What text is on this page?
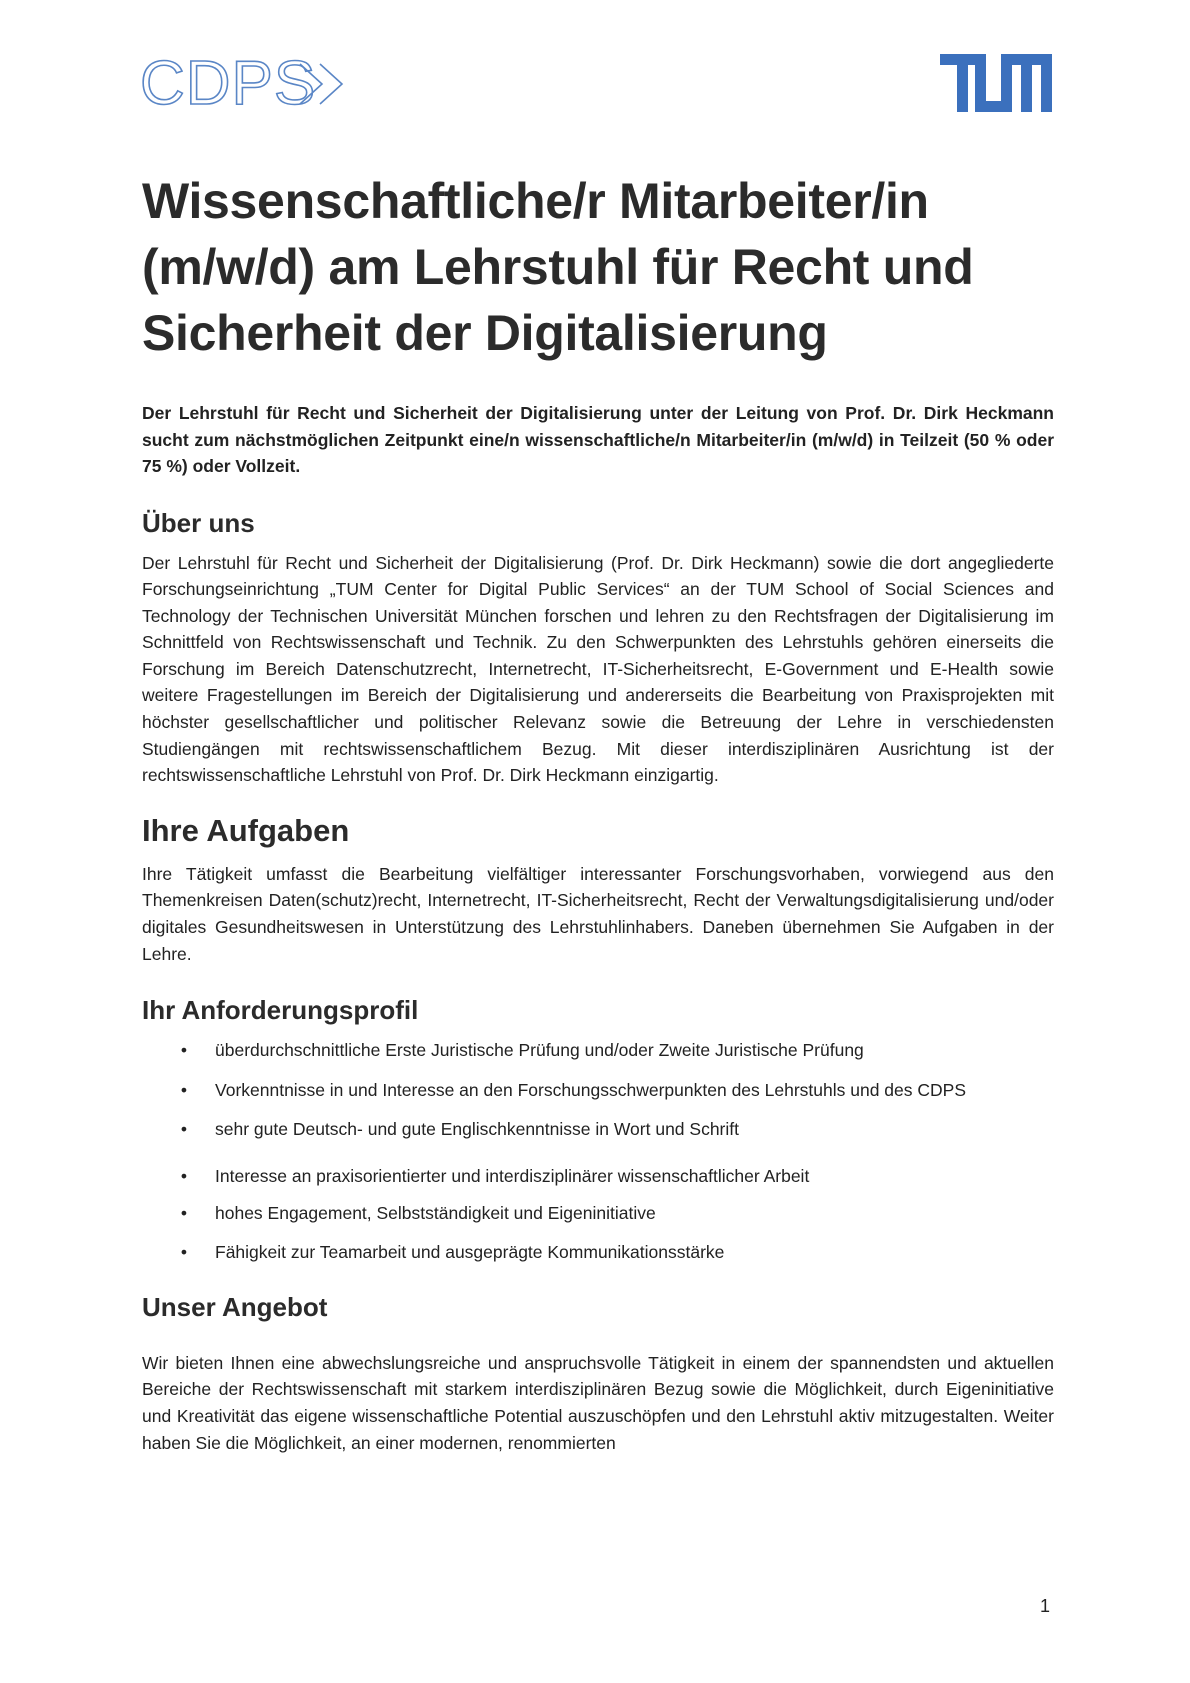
CDPS
Wissenschaftliche/r Mitarbeiter/in (m/w/d) am Lehrstuhl für Recht und Sicherheit der Digitalisierung

Der Lehrstuhl für Recht und Sicherheit der Digitalisierung unter der Leitung von Prof. Dr. Dirk Heckmann sucht zum nächstmöglichen Zeitpunkt eine/n wissenschaftliche/n Mitarbeiter/in (m/w/d) in Teilzeit (50 % oder 75 %) oder Vollzeit.

Über uns

Der Lehrstuhl für Recht und Sicherheit der Digitalisierung (Prof. Dr. Dirk Heckmann) sowie die dort angegliederte Forschungseinrichtung „TUM Center for Digital Public Services“ an der TUM School of Social Sciences and Technology der Technischen Universität München forschen und lehren zu den Rechtsfragen der Digitalisierung im Schnittfeld von Rechtswissenschaft und Technik. Zu den Schwerpunkten des Lehrstuhls gehören einerseits die Forschung im Bereich Datenschutzrecht, Internetrecht, IT-Sicherheitsrecht, E-Government und E-Health sowie weitere Fragestellungen im Bereich der Digitalisierung und andererseits die Bearbeitung von Praxisprojekten mit höchster gesellschaftlicher und politischer Relevanz sowie die Betreuung der Lehre in verschiedensten Studiengängen mit rechtswissenschaftlichem Bezug. Mit dieser interdisziplinären Ausrichtung ist der rechtswissenschaftliche Lehrstuhl von Prof. Dr. Dirk Heckmann einzigartig.

Ihre Aufgaben

Ihre Tätigkeit umfasst die Bearbeitung vielfältiger interessanter Forschungsvorhaben, vorwiegend aus den Themenkreisen Daten(schutz)recht, Internetrecht, IT-Sicherheitsrecht, Recht der Verwaltungsdigitalisierung und/oder digitales Gesundheitswesen in Unterstützung des Lehrstuhlinhabers. Daneben übernehmen Sie Aufgaben in der Lehre.

Ihr Anforderungsprofil
• überdurchschnittliche Erste Juristische Prüfung und/oder Zweite Juristische Prüfung
• Vorkenntnisse in und Interesse an den Forschungsschwerpunkten des Lehrstuhls und des CDPS
• sehr gute Deutsch- und gute Englischkenntnisse in Wort und Schrift
• Interesse an praxisorientierter und interdisziplinärer wissenschaftlicher Arbeit
• hohes Engagement, Selbstständigkeit und Eigeninitiative
• Fähigkeit zur Teamarbeit und ausgeprägte Kommunikationsstärke
Unser Angebot

Wir bieten Ihnen eine abwechslungsreiche und anspruchsvolle Tätigkeit in einem der spannendsten und aktuellen Bereiche der Rechtswissenschaft mit starkem interdisziplinären Bezug sowie die Möglichkeit, durch Eigeninitiative und Kreativität das eigene wissenschaftliche Potential auszuschöpfen und den Lehrstuhl aktiv mitzugestalten. Weiter haben Sie die Möglichkeit, an einer modernen, renommierten

1
